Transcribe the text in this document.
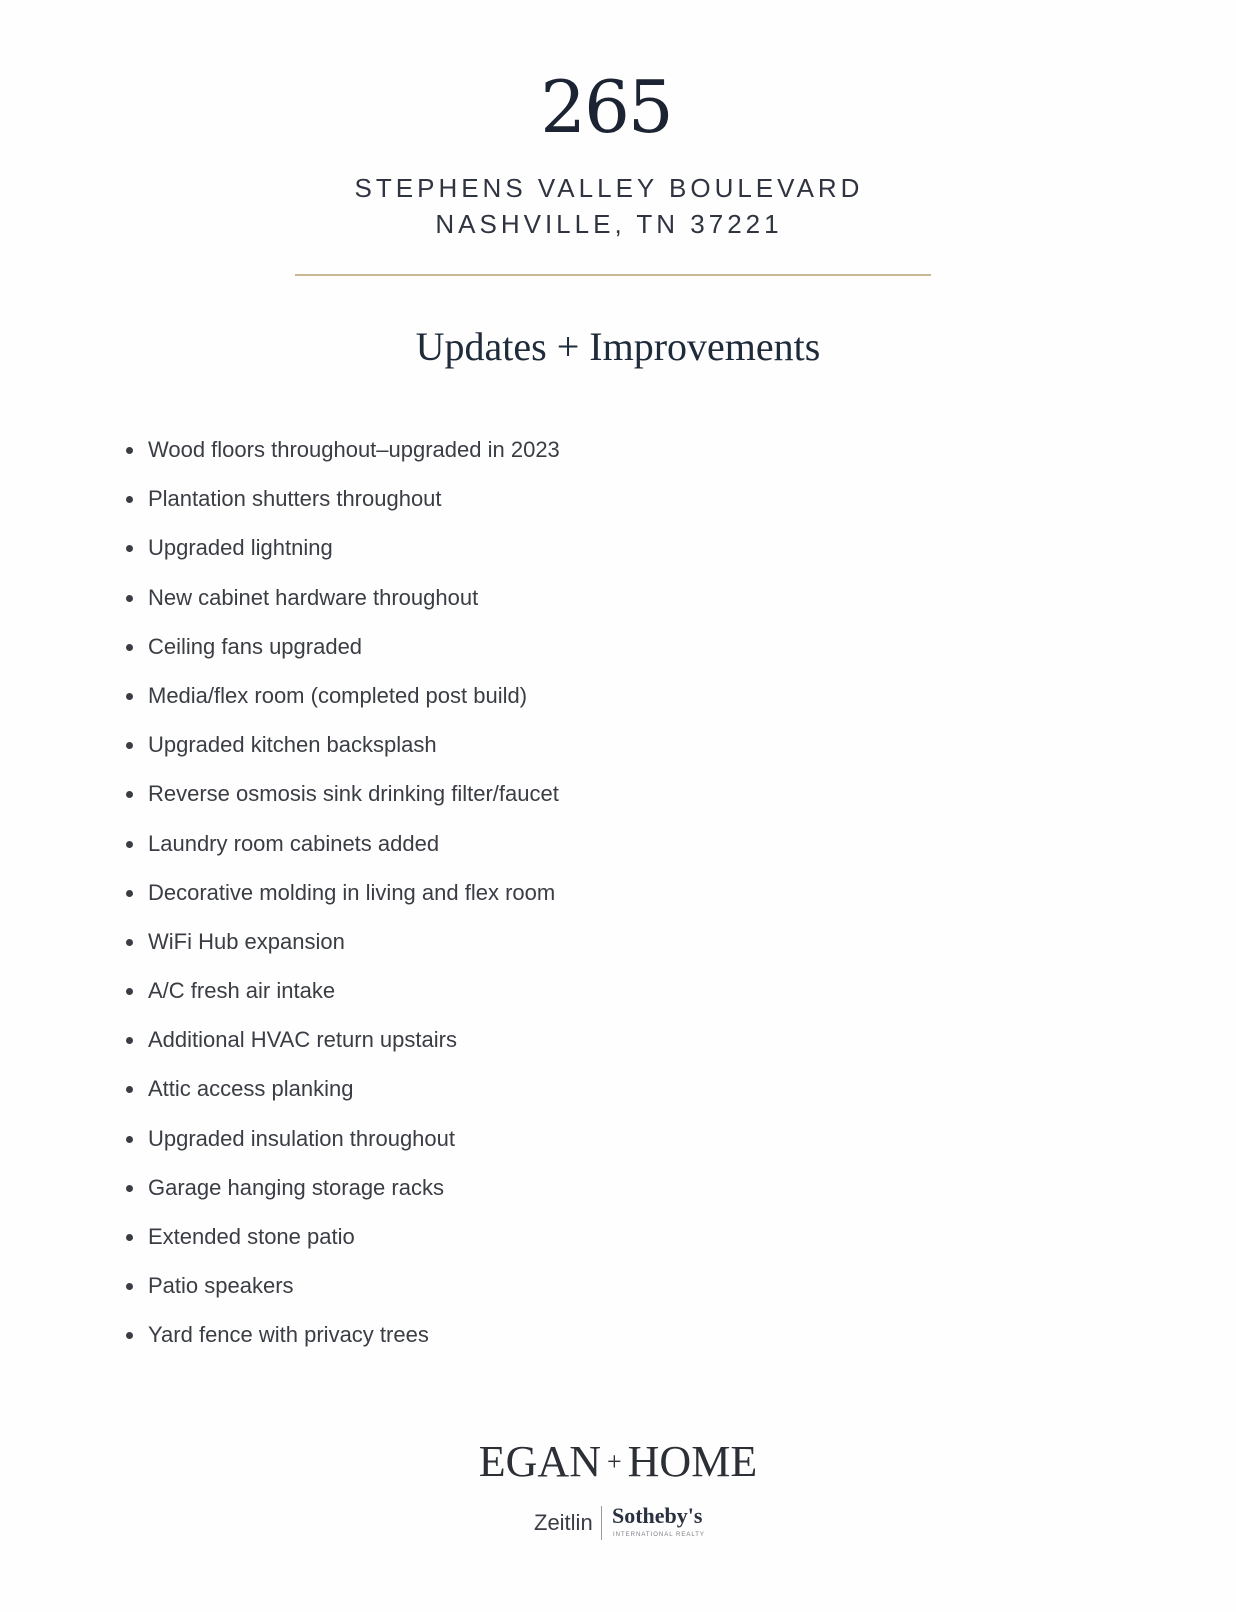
265
STEPHENS VALLEY BOULEVARD
NASHVILLE, TN 37221
Updates + Improvements
Wood floors throughout–upgraded in 2023
Plantation shutters throughout
Upgraded lightning
New cabinet hardware throughout
Ceiling fans upgraded
Media/flex room (completed post build)
Upgraded kitchen backsplash
Reverse osmosis sink drinking filter/faucet
Laundry room cabinets added
Decorative molding in living and flex room
WiFi Hub expansion
A/C fresh air intake
Additional HVAC return upstairs
Attic access planking
Upgraded insulation throughout
Garage hanging storage racks
Extended stone patio
Patio speakers
Yard fence with privacy trees
EGAN + HOME
Zeitlin Sotheby's
INTERNATIONAL REALTY
